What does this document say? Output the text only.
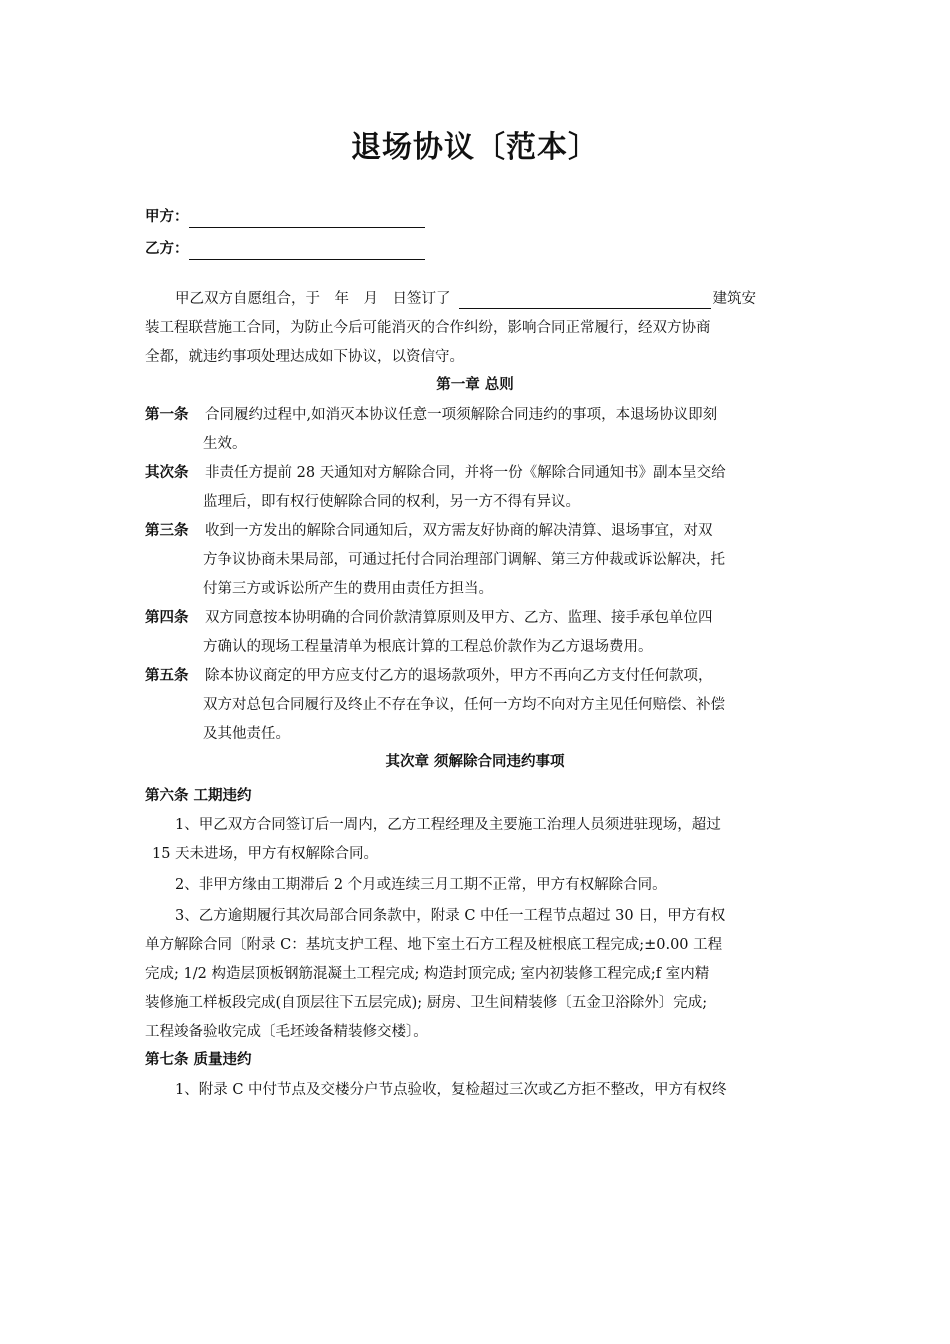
退场协议〔范本〕
甲方：
乙方：
甲乙双方自愿组合，于　年　月　日签订了	建筑安
装工程联营施工合同，为防止今后可能消灭的合作纠纷，影响合同正常履行，经双方协商
全都，就违约事项处理达成如下协议，以资信守。
第一章 总则
第一条 合同履约过程中,如消灭本协议任意一项须解除合同违约的事项，本退场协议即刻
生效。
其次条 非责任方提前 28 天通知对方解除合同，并将一份《解除合同通知书》副本呈交给
监理后，即有权行使解除合同的权利，另一方不得有异议。
第三条 收到一方发出的解除合同通知后，双方需友好协商的解决清算、退场事宜，对双
方争议协商未果局部，可通过托付合同治理部门调解、第三方仲裁或诉讼解决，托
付第三方或诉讼所产生的费用由责任方担当。
第四条 双方同意按本协明确的合同价款清算原则及甲方、乙方、监理、接手承包单位四
方确认的现场工程量清单为根底计算的工程总价款作为乙方退场费用。
第五条 除本协议商定的甲方应支付乙方的退场款项外，甲方不再向乙方支付任何款项，
双方对总包合同履行及终止不存在争议，任何一方均不向对方主见任何赔偿、补偿
及其他责任。
其次章 须解除合同违约事项
第六条 工期违约
1、甲乙双方合同签订后一周内，乙方工程经理及主要施工治理人员须进驻现场，超过
15 天未进场，甲方有权解除合同。
2、非甲方缘由工期滞后 2 个月或连续三月工期不正常，甲方有权解除合同。
3、乙方逾期履行其次局部合同条款中，附录 C 中任一工程节点超过 30 日，甲方有权
单方解除合同〔附录 C：基坑支护工程、地下室土石方工程及桩根底工程完成;±0.00 工程
完成; 1/2 构造层顶板钢筋混凝土工程完成; 构造封顶完成; 室内初装修工程完成;f 室内精
装修施工样板段完成(自顶层往下五层完成); 厨房、卫生间精装修〔五金卫浴除外〕完成;
工程竣备验收完成〔毛坯竣备精装修交楼〕。
第七条 质量违约
1、附录 C 中付节点及交楼分户节点验收，复检超过三次或乙方拒不整改，甲方有权终
